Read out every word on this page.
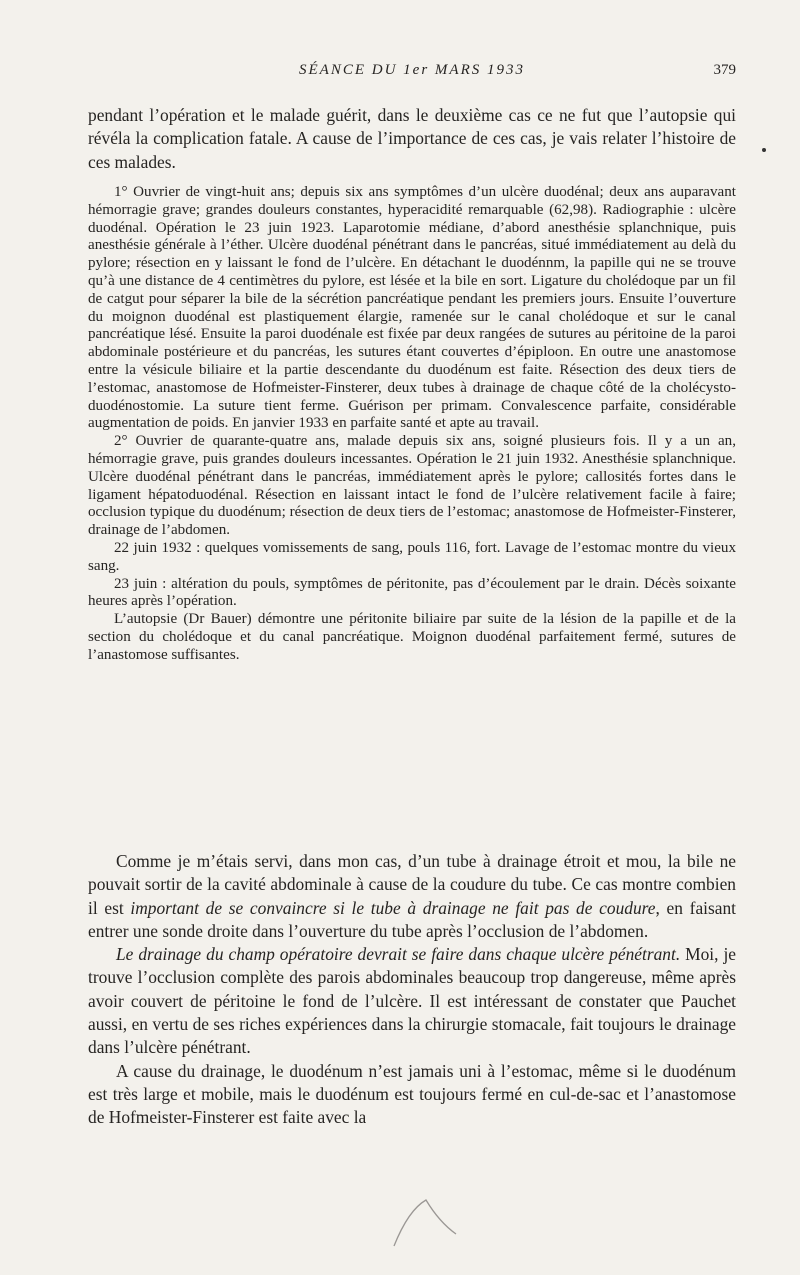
SÉANCE DU 1er MARS 1933	379

pendant l’opération et le malade guérit, dans le deuxième cas ce ne fut que l’autopsie qui révéla la complication fatale. A cause de l’importance de ces cas, je vais relater l’histoire de ces malades.

1° Ouvrier de vingt-huit ans; depuis six ans symptômes d’un ulcère duodénal; deux ans auparavant hémorragie grave; grandes douleurs constantes, hyperacidité remarquable (62,98). Radiographie : ulcère duodénal. Opération le 23 juin 1923. Laparotomie médiane, d’abord anesthésie splanchnique, puis anesthésie générale à l’éther. Ulcère duodénal pénétrant dans le pancréas, situé immédiatement au delà du pylore; résection en y laissant le fond de l’ulcère. En détachant le duodénnm, la papille qui ne se trouve qu’à une distance de 4 centimètres du pylore, est lésée et la bile en sort. Ligature du cholédoque par un fil de catgut pour séparer la bile de la sécrétion pancréatique pendant les premiers jours. Ensuite l’ouverture du moignon duodénal est plastiquement élargie, ramenée sur le canal cholédoque et sur le canal pancréatique lésé. Ensuite la paroi duodénale est fixée par deux rangées de sutures au péritoine de la paroi abdominale postérieure et du pancréas, les sutures étant couvertes d’épiploon. En outre une anastomose entre la vésicule biliaire et la partie descendante du duodénum est faite. Résection des deux tiers de l’estomac, anastomose de Hofmeister-Finsterer, deux tubes à drainage de chaque côté de la cholécysto-duodénostomie. La suture tient ferme. Guérison per primam. Convalescence parfaite, considérable augmentation de poids. En janvier 1933 en parfaite santé et apte au travail.

2° Ouvrier de quarante-quatre ans, malade depuis six ans, soigné plusieurs fois. Il y a un an, hémorragie grave, puis grandes douleurs incessantes. Opération le 21 juin 1932. Anesthésie splanchnique. Ulcère duodénal pénétrant dans le pancréas, immédiatement après le pylore; callosités fortes dans le ligament hépatoduodénal. Résection en laissant intact le fond de l’ulcère relativement facile à faire; occlusion typique du duodénum; résection de deux tiers de l’estomac; anastomose de Hofmeister-Finsterer, drainage de l’abdomen.

22 juin 1932 : quelques vomissements de sang, pouls 116, fort. Lavage de l’estomac montre du vieux sang.

23 juin : altération du pouls, symptômes de péritonite, pas d’écoulement par le drain. Décès soixante heures après l’opération.

L’autopsie (Dr Bauer) démontre une péritonite biliaire par suite de la lésion de la papille et de la section du cholédoque et du canal pancréatique. Moignon duodénal parfaitement fermé, sutures de l’anastomose suffisantes.

Comme je m’étais servi, dans mon cas, d’un tube à drainage étroit et mou, la bile ne pouvait sortir de la cavité abdominale à cause de la coudure du tube. Ce cas montre combien il est important de se convaincre si le tube à drainage ne fait pas de coudure, en faisant entrer une sonde droite dans l’ouverture du tube après l’occlusion de l’abdomen.

Le drainage du champ opératoire devrait se faire dans chaque ulcère pénétrant. Moi, je trouve l’occlusion complète des parois abdominales beaucoup trop dangereuse, même après avoir couvert de péritoine le fond de l’ulcère. Il est intéressant de constater que Pauchet aussi, en vertu de ses riches expériences dans la chirurgie stomacale, fait toujours le drainage dans l’ulcère pénétrant.

A cause du drainage, le duodénum n’est jamais uni à l’estomac, même si le duodénum est très large et mobile, mais le duodénum est toujours fermé en cul-de-sac et l’anastomose de Hofmeister-Finsterer est faite avec la
